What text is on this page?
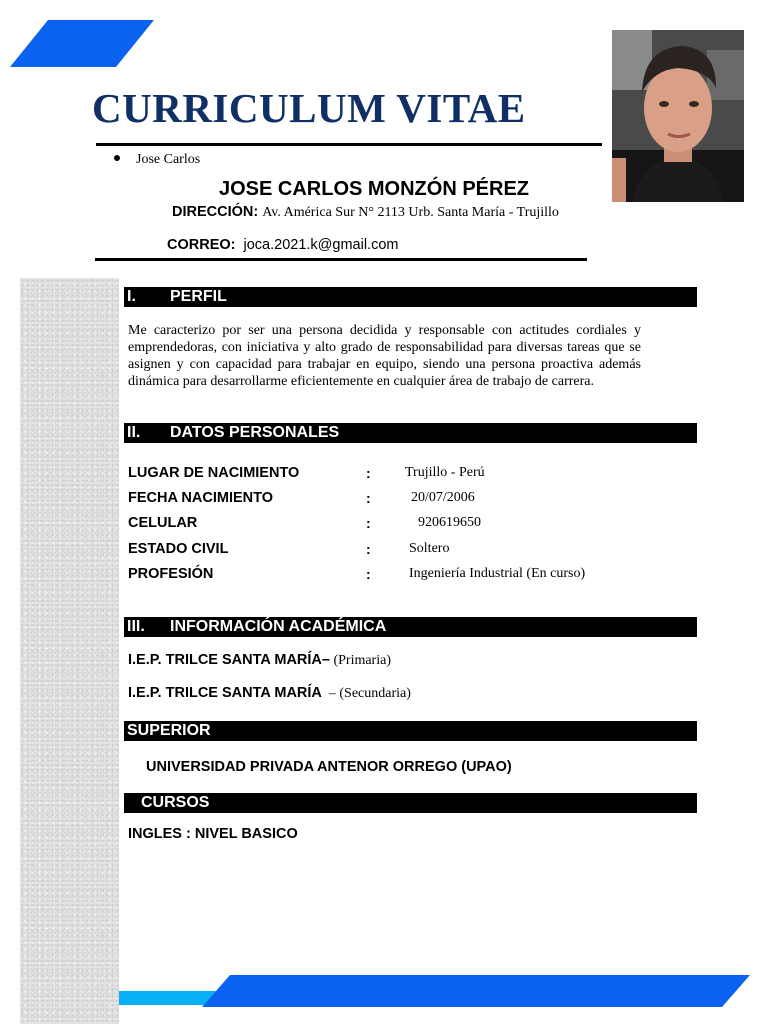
CURRICULUM VITAE
Jose Carlos
JOSE CARLOS MONZÓN PÉREZ
DIRECCIÓN: Av. América Sur N° 2113 Urb. Santa María - Trujillo
CORREO: joca.2021.k@gmail.com
I. PERFIL
Me caracterizo por ser una persona decidida y responsable con actitudes cordiales y emprendedoras, con iniciativa y alto grado de responsabilidad para diversas tareas que se asignen y con capacidad para trabajar en equipo, siendo una persona proactiva además dinámica para desarrollarme eficientemente en cualquier área de trabajo de carrera.
II. DATOS PERSONALES
LUGAR DE NACIMIENTO	: Trujillo - Perú
FECHA NACIMIENTO	:	20/07/2006
CELULAR	:	920619650
ESTADO CIVIL	:	Soltero
PROFESIÓN	:	Ingeniería Industrial (En curso)
III. INFORMACIÓN ACADÉMICA
I.E.P. TRILCE SANTA MARÍA– (Primaria)
I.E.P. TRILCE SANTA MARÍA  – (Secundaria)
SUPERIOR
UNIVERSIDAD PRIVADA ANTENOR ORREGO (UPAO)
CURSOS
INGLES : NIVEL BASICO
